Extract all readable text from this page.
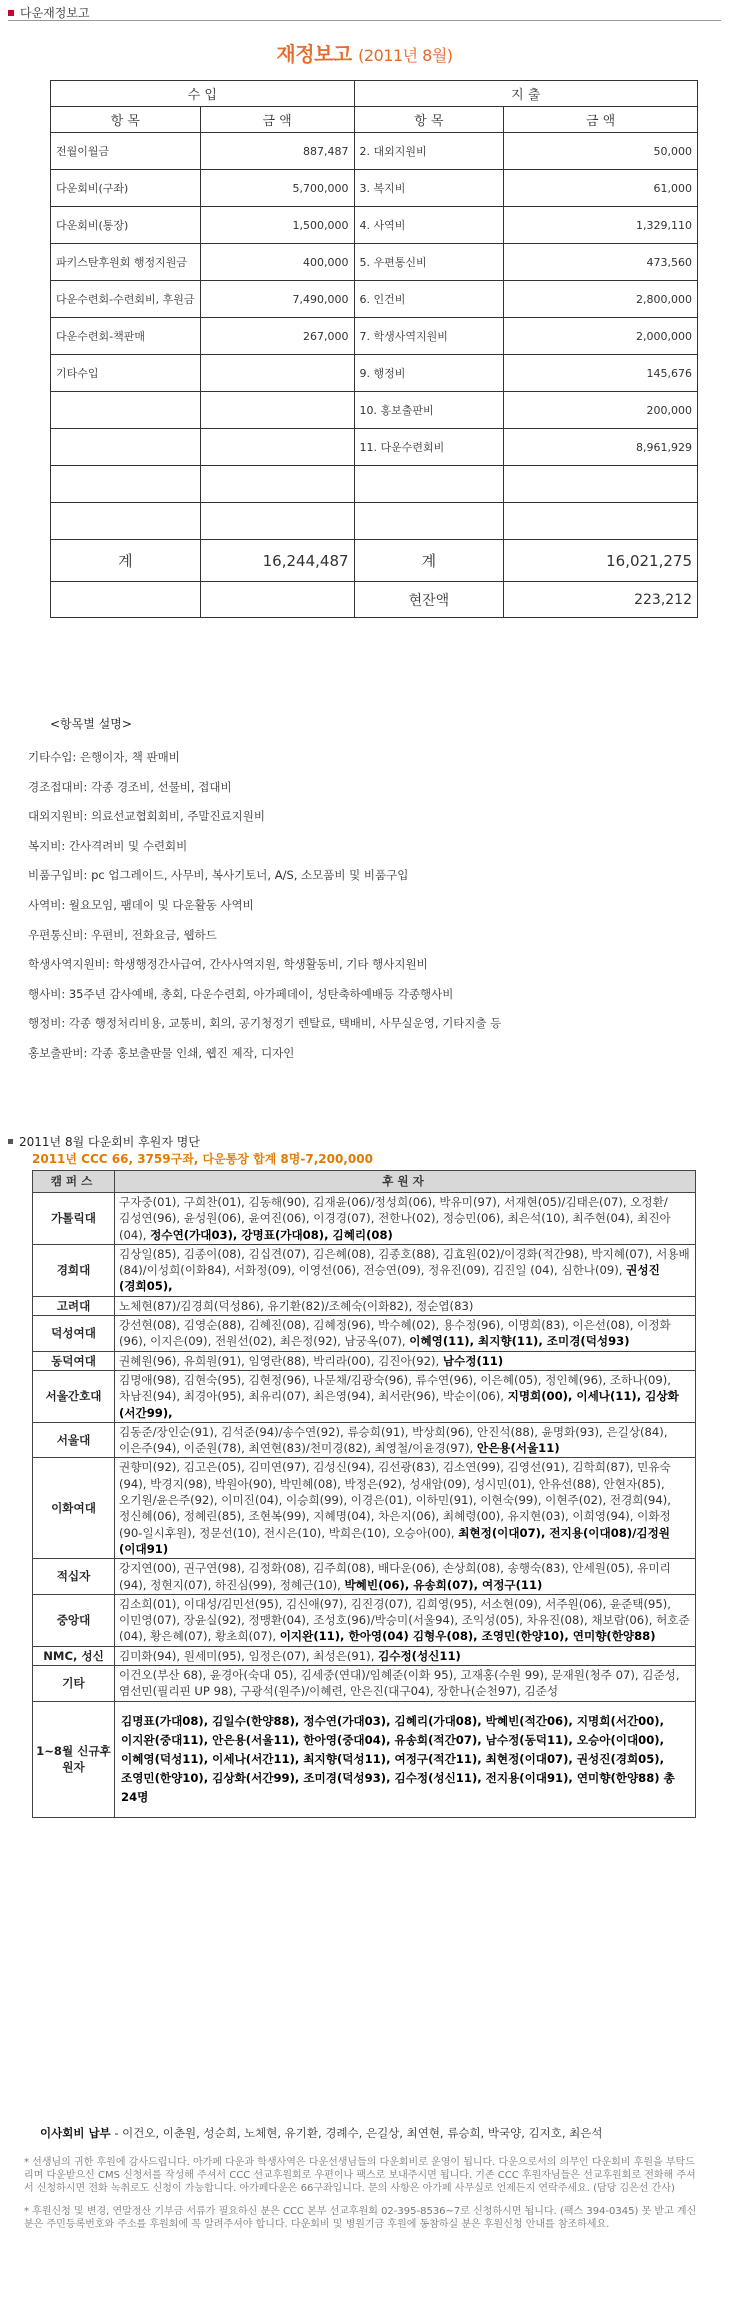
다운재정보고
재정보고 (2011년 8월)
수 입		지 출	
항 목	금 액	항 목	금 액
전월이월금	887,487	2. 대외지원비	50,000
다운회비(구좌)	5,700,000	3. 복지비	61,000
다운회비(통장)	1,500,000	4. 사역비	1,329,110
파키스탄후원회 행정지원금	400,000	5. 우편통신비	473,560
다운수련회-수련회비, 후원금	7,490,000	6. 인건비	2,800,000
다운수련회-책판매	267,000	7. 학생사역지원비	2,000,000
기타수입		9. 행정비	145,676
		10. 홍보출판비	200,000
		11. 다운수련회비	8,961,929

계	16,244,487	계	16,021,275
		현잔액	223,212
<항목별 설명>
기타수입: 은행이자, 책 판매비
경조접대비: 각종 경조비, 선물비, 접대비
대외지원비: 의료선교협회회비, 주말진료지원비
복지비: 간사격려비 및 수련회비
비품구입비: pc 업그레이드, 사무비, 복사기토너, A/S, 소모품비 및 비품구입
사역비: 월요모임, 팸데이 및 다운활동 사역비
우편통신비: 우편비, 전화요금, 웹하드
학생사역지원비: 학생행정간사급여, 간사사역지원, 학생활동비, 기타 행사지원비
행사비: 35주년 감사예배, 총회, 다운수련회, 아가페데이, 성탄축하예배등 각종행사비
행정비: 각종 행정처리비용, 교통비, 회의, 공기청정기 렌탈료, 택배비, 사무실운영, 기타지출 등
홍보출판비: 각종 홍보출판물 인쇄, 웹진 제작, 디자인
2011년 8월 다운회비 후원자 명단
2011년 CCC 66, 3759구좌, 다운통장 합계 8명-7,200,000
캠퍼스	후원자
가톨릭대	구자중(01), 구희찬(01), 김동해(90), 김재윤(06)/정성희(06), 박유미(97), 서재현(05)/김태은(07), 오정환/김성연(96), 윤성원(06), 윤여진(06), 이경경(07), 전한나(02), 정승민(06), 최은석(10), 최주현(04), 최진아(04), 정수연(가대03), 강명표(가대08), 김혜리(08)
경희대	김상일(85), 김종이(08), 김십견(07), 김은혜(08), 김종호(88), 김효원(02)/이경화(적간98), 박지혜(07), 서용배(84)/이성희(이화84), 서화정(09), 이영선(06), 전승연(09), 정유진(09), 김진일 (04), 심한나(09), 권성진(경희05),
고려대	노체현(87)/김경희(덕성86), 유기환(82)/조혜숙(이화82), 정순엽(83)
덕성여대	강선현(08), 김영순(88), 김혜진(08), 김혜정(96), 박수혜(02), 용수정(96), 이명희(83), 이은선(08), 이정화(96), 이지은(09), 전원선(02), 최은정(92), 남궁옥(07), 이혜영(11), 최지향(11), 조미경(덕성93)
동덕여대	권혜원(96), 유희원(91), 임영란(88), 박리라(00), 김진아(92), 남수정(11)
서울간호대	김명애(98), 김현숙(95), 김현정(96), 나문채/김광숙(96), 류수연(96), 이은혜(05), 정인혜(96), 조하나(09), 차남진(94), 최경아(95), 최유리(07), 최은영(94), 최서란(96), 박순이(06), 지명희(00), 이세나(11), 김상화(서간99),
서울대	김동준/장인순(91), 김석준(94)/송수연(92), 류승희(91), 박상희(96), 안진석(88), 윤명화(93), 은길상(84), 이은주(94), 이준원(78), 최연현(83)/천미경(82), 최영철/이윤경(97), 안은용(서울11)
이화여대	권향미(92), 김고은(05), 김미연(97), 김성신(94), 김선광(83), 김소연(99), 김영선(91), 김학희(87), 민유숙(94), 박경지(98), 박원아(90), 박민혜(08), 박정은(92), 성새암(09), 성시민(01), 안유선(88), 안현자(85), 오기원/윤은주(92), 이미진(04), 이승희(99), 이경은(01), 이하민(91), 이현숙(99), 이현주(02), 전경희(94), 정신혜(06), 정혜린(85), 조현복(99), 지혜명(04), 차은지(06), 최혜령(00), 유지현(03), 이희영(94), 이화정(90-일시후원), 정문선(10), 전시은(10), 박희은(10), 오승아(00), 최현정(이대07), 전지용(이대08)/김정원(이대91)
적십자	강지연(00), 권구연(98), 김정화(08), 김주희(08), 배다운(06), 손상희(08), 송행숙(83), 안세원(05), 유미리(94), 정현지(07), 하진심(99), 정혜근(10), 박혜빈(06), 유송희(07), 여정구(11)
중앙대	김소희(01), 이대성/김민선(95), 김신애(97), 김진경(07), 김희영(95), 서소현(09), 서주원(06), 윤준택(95), 이민영(07), 장윤실(92), 정맹환(04), 조성호(96)/박승미(서울94), 조익성(05), 차유진(08), 채보람(06), 허호준(04), 황은혜(07), 황초희(07), 이지완(11), 한아영(04) 김형우(08), 조영민(한양10), 연미향(한양88)
NMC, 성신	김미화(94), 원세미(95), 임정은(07), 최성은(91), 김수정(성신11)
기타	이건오(부산 68), 윤경아(숙대 05), 김세중(연대)/임혜준(이화 95), 고재홍(수원 99), 문재원(청주 07), 김준성,염선민(필리핀 UP 98), 구광석(원주)/이혜련, 안은진(대구04), 장한나(순천97), 김준성
1~8월 신규후원자	김명표(가대08), 김일수(한양88), 정수연(가대03), 김혜리(가대08), 박혜빈(적간06), 지명희(서간00), 이지완(중대11), 안은용(서울11), 한아영(중대04), 유송희(적간07), 남수정(동덕11), 오승아(이대00), 이혜영(덕성11), 이세나(서간11), 최지향(덕성11), 여정구(적간11), 최현정(이대07), 권성진(경희05), 조영민(한양10), 김상화(서간99), 조미경(덕성93), 김수정(성신11), 전지용(이대91), 연미향(한양88) 총 24명
이사회비 납부 - 이건오, 이춘원, 성순희, 노체현, 유기환, 경례수, 은길상, 최연현, 류승희, 박국양, 김지호, 최은석

* 선생님의 귀한 후원에 감사드립니다. 아가페 다운과 학생사역은 다운선생님들의 다운회비로 운영이 됩니다. 다운으로서의 의무인 다운회비 후원을 부탁드리며 다운받으신 CMS 신청서를 작성해 주셔서 CCC 선교후원회로 우편이나 팩스로 보내주시면 됩니다. 기존 CCC 후원자님들은 선교후원회로 전화해 주셔서 신청하시면 전화 녹취로도 신청이 가능합니다. 아가페다운은 66구좌입니다. 문의 사항은 아가페 사무실로 언제든지 연락주세요. (담당 김은선 간사)

* 후원신청 및 변경, 연말정산 기부금 서류가 필요하신 분은 CCC 본부 선교후원회 02-395-8536~7로 신청하시면 됩니다. (팩스 394-0345) 못 받고 계신분은 주민등록번호와 주소를 후원회에 꼭 알려주셔야 합니다. 다운회비 및 병원기금 후원에 동참하실 분은 후원신청 안내를 참조하세요.
